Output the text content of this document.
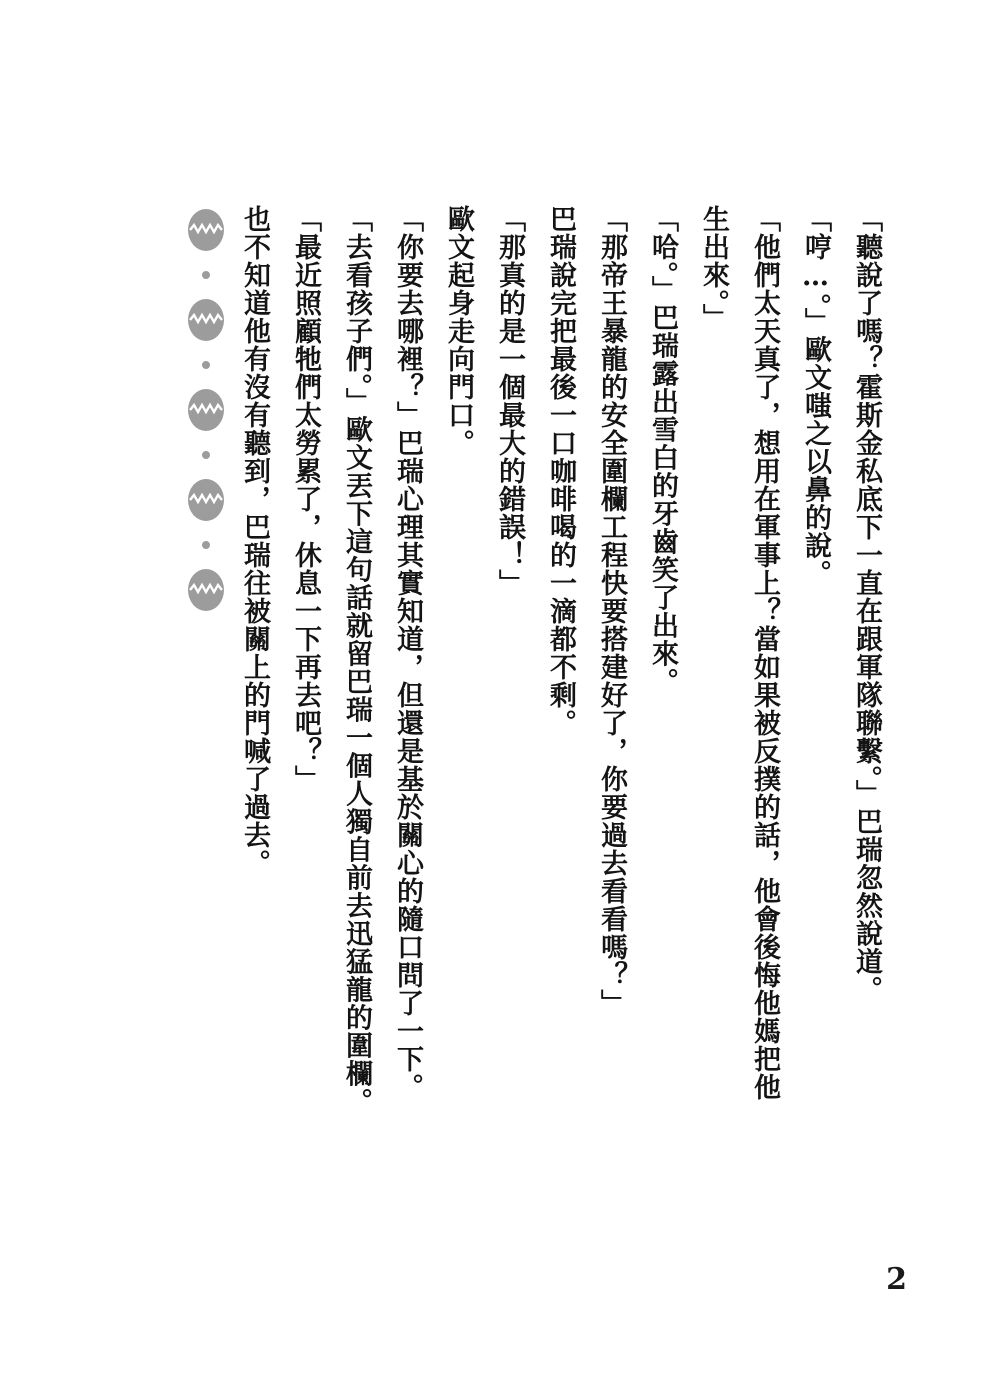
「聽說了嗎？霍斯金私底下一直在跟軍隊聯繫。」巴瑞忽然說道。

「哼…。」歐文嗤之以鼻的說。

「他們太天真了，想用在軍事上？當如果被反撲的話，他會後悔他媽把他生出來。」

「哈。」巴瑞露出雪白的牙齒笑了出來。

「那帝王暴龍的安全圍欄工程快要搭建好了，你要過去看看嗎？」

巴瑞說完把最後一口咖啡喝的一滴都不剩。

「那真的是一個最大的錯誤！」

歐文起身走向門口。

「你要去哪裡？」巴瑞心理其實知道，但還是基於關心的隨口問了一下。

「去看孩子們。」歐文丟下這句話就留巴瑞一個人獨自前去迅猛龍的圍欄。

「最近照顧牠們太勞累了，休息一下再去吧？」

也不知道他有沒有聽到，巴瑞往被關上的門喊了過去。

2
